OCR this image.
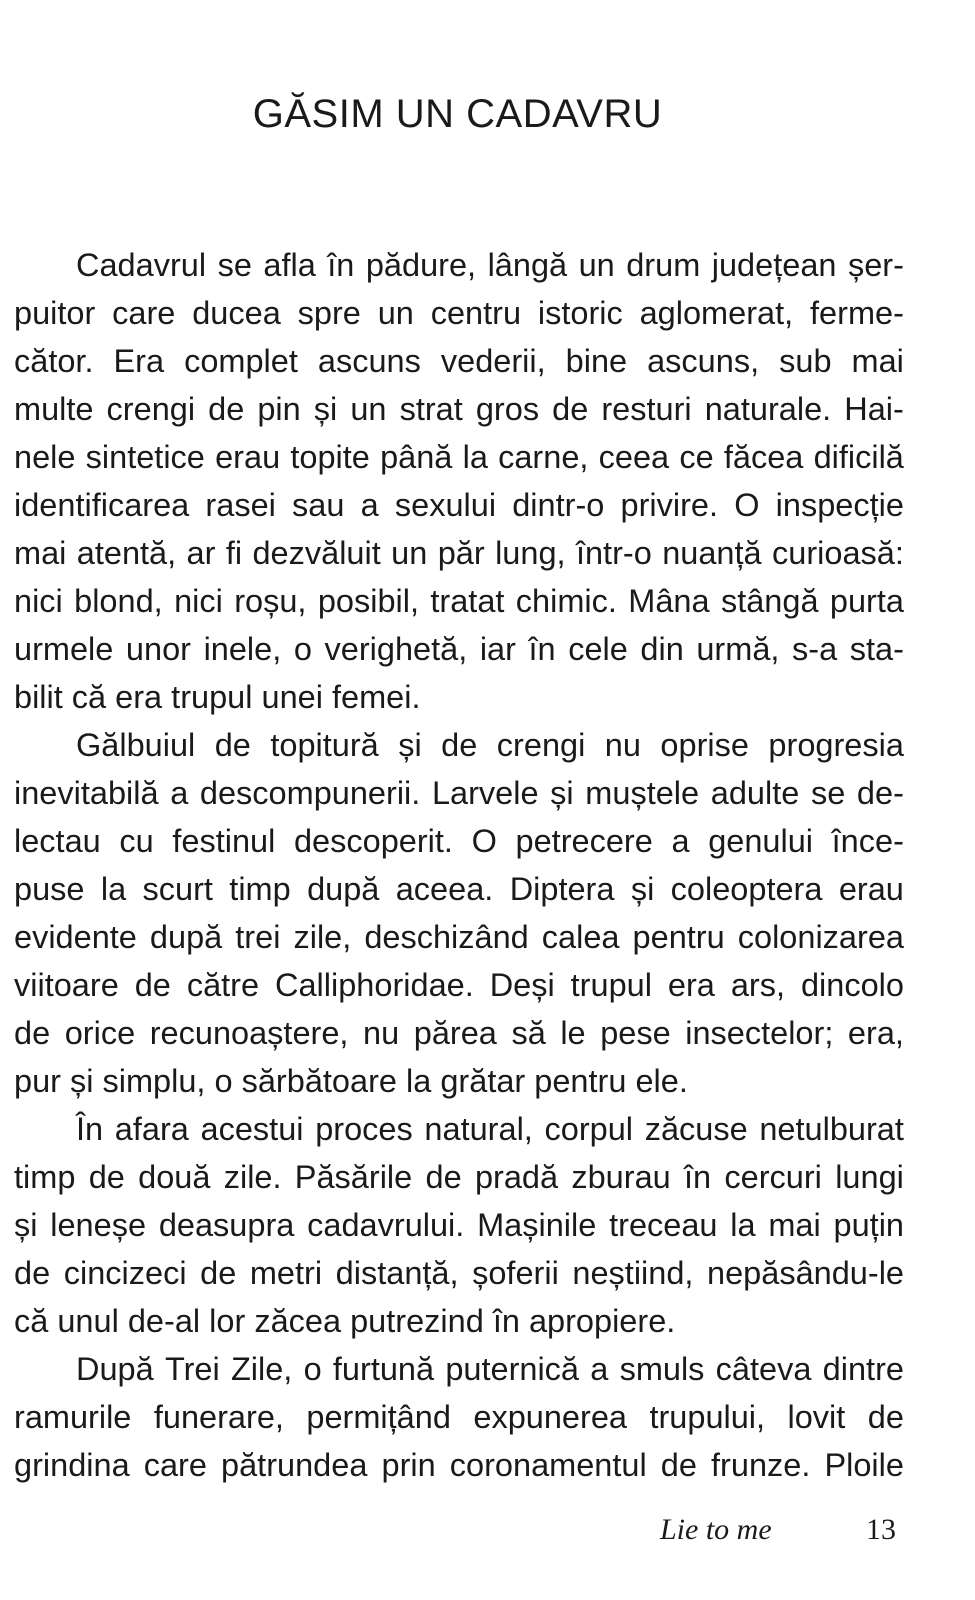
GĂSIM UN CADAVRU
Cadavrul se afla în pădure, lângă un drum județean șer-
puitor care ducea spre un centru istoric aglomerat, ferme-
cător. Era complet ascuns vederii, bine ascuns, sub mai
multe crengi de pin și un strat gros de resturi naturale. Hai-
nele sintetice erau topite până la carne, ceea ce făcea dificilă
identificarea rasei sau a sexului dintr-o privire. O inspecție
mai atentă, ar fi dezvăluit un păr lung, într-o nuanță curioasă:
nici blond, nici roșu, posibil, tratat chimic. Mâna stângă purta
urmele unor inele, o verighetă, iar în cele din urmă, s-a sta-
bilit că era trupul unei femei.
Gălbuiul de topitură și de crengi nu oprise progresia
inevitabilă a descompunerii. Larvele și muștele adulte se de-
lectau cu festinul descoperit. O petrecere a genului înce-
puse la scurt timp după aceea. Diptera și coleoptera erau
evidente după trei zile, deschizând calea pentru colonizarea
viitoare de către Calliphoridae. Deși trupul era ars, dincolo
de orice recunoaștere, nu părea să le pese insectelor; era,
pur și simplu, o sărbătoare la grătar pentru ele.
În afara acestui proces natural, corpul zăcuse netulburat
timp de două zile. Păsările de pradă zburau în cercuri lungi
și leneșe deasupra cadavrului. Mașinile treceau la mai puțin
de cincizeci de metri distanță, șoferii neștiind, nepăsându-le
că unul de-al lor zăcea putrezind în apropiere.
După Trei Zile, o furtună puternică a smuls câteva dintre
ramurile funerare, permițând expunerea trupului, lovit de
grindina care pătrundea prin coronamentul de frunze. Ploile
Lie to me	13
